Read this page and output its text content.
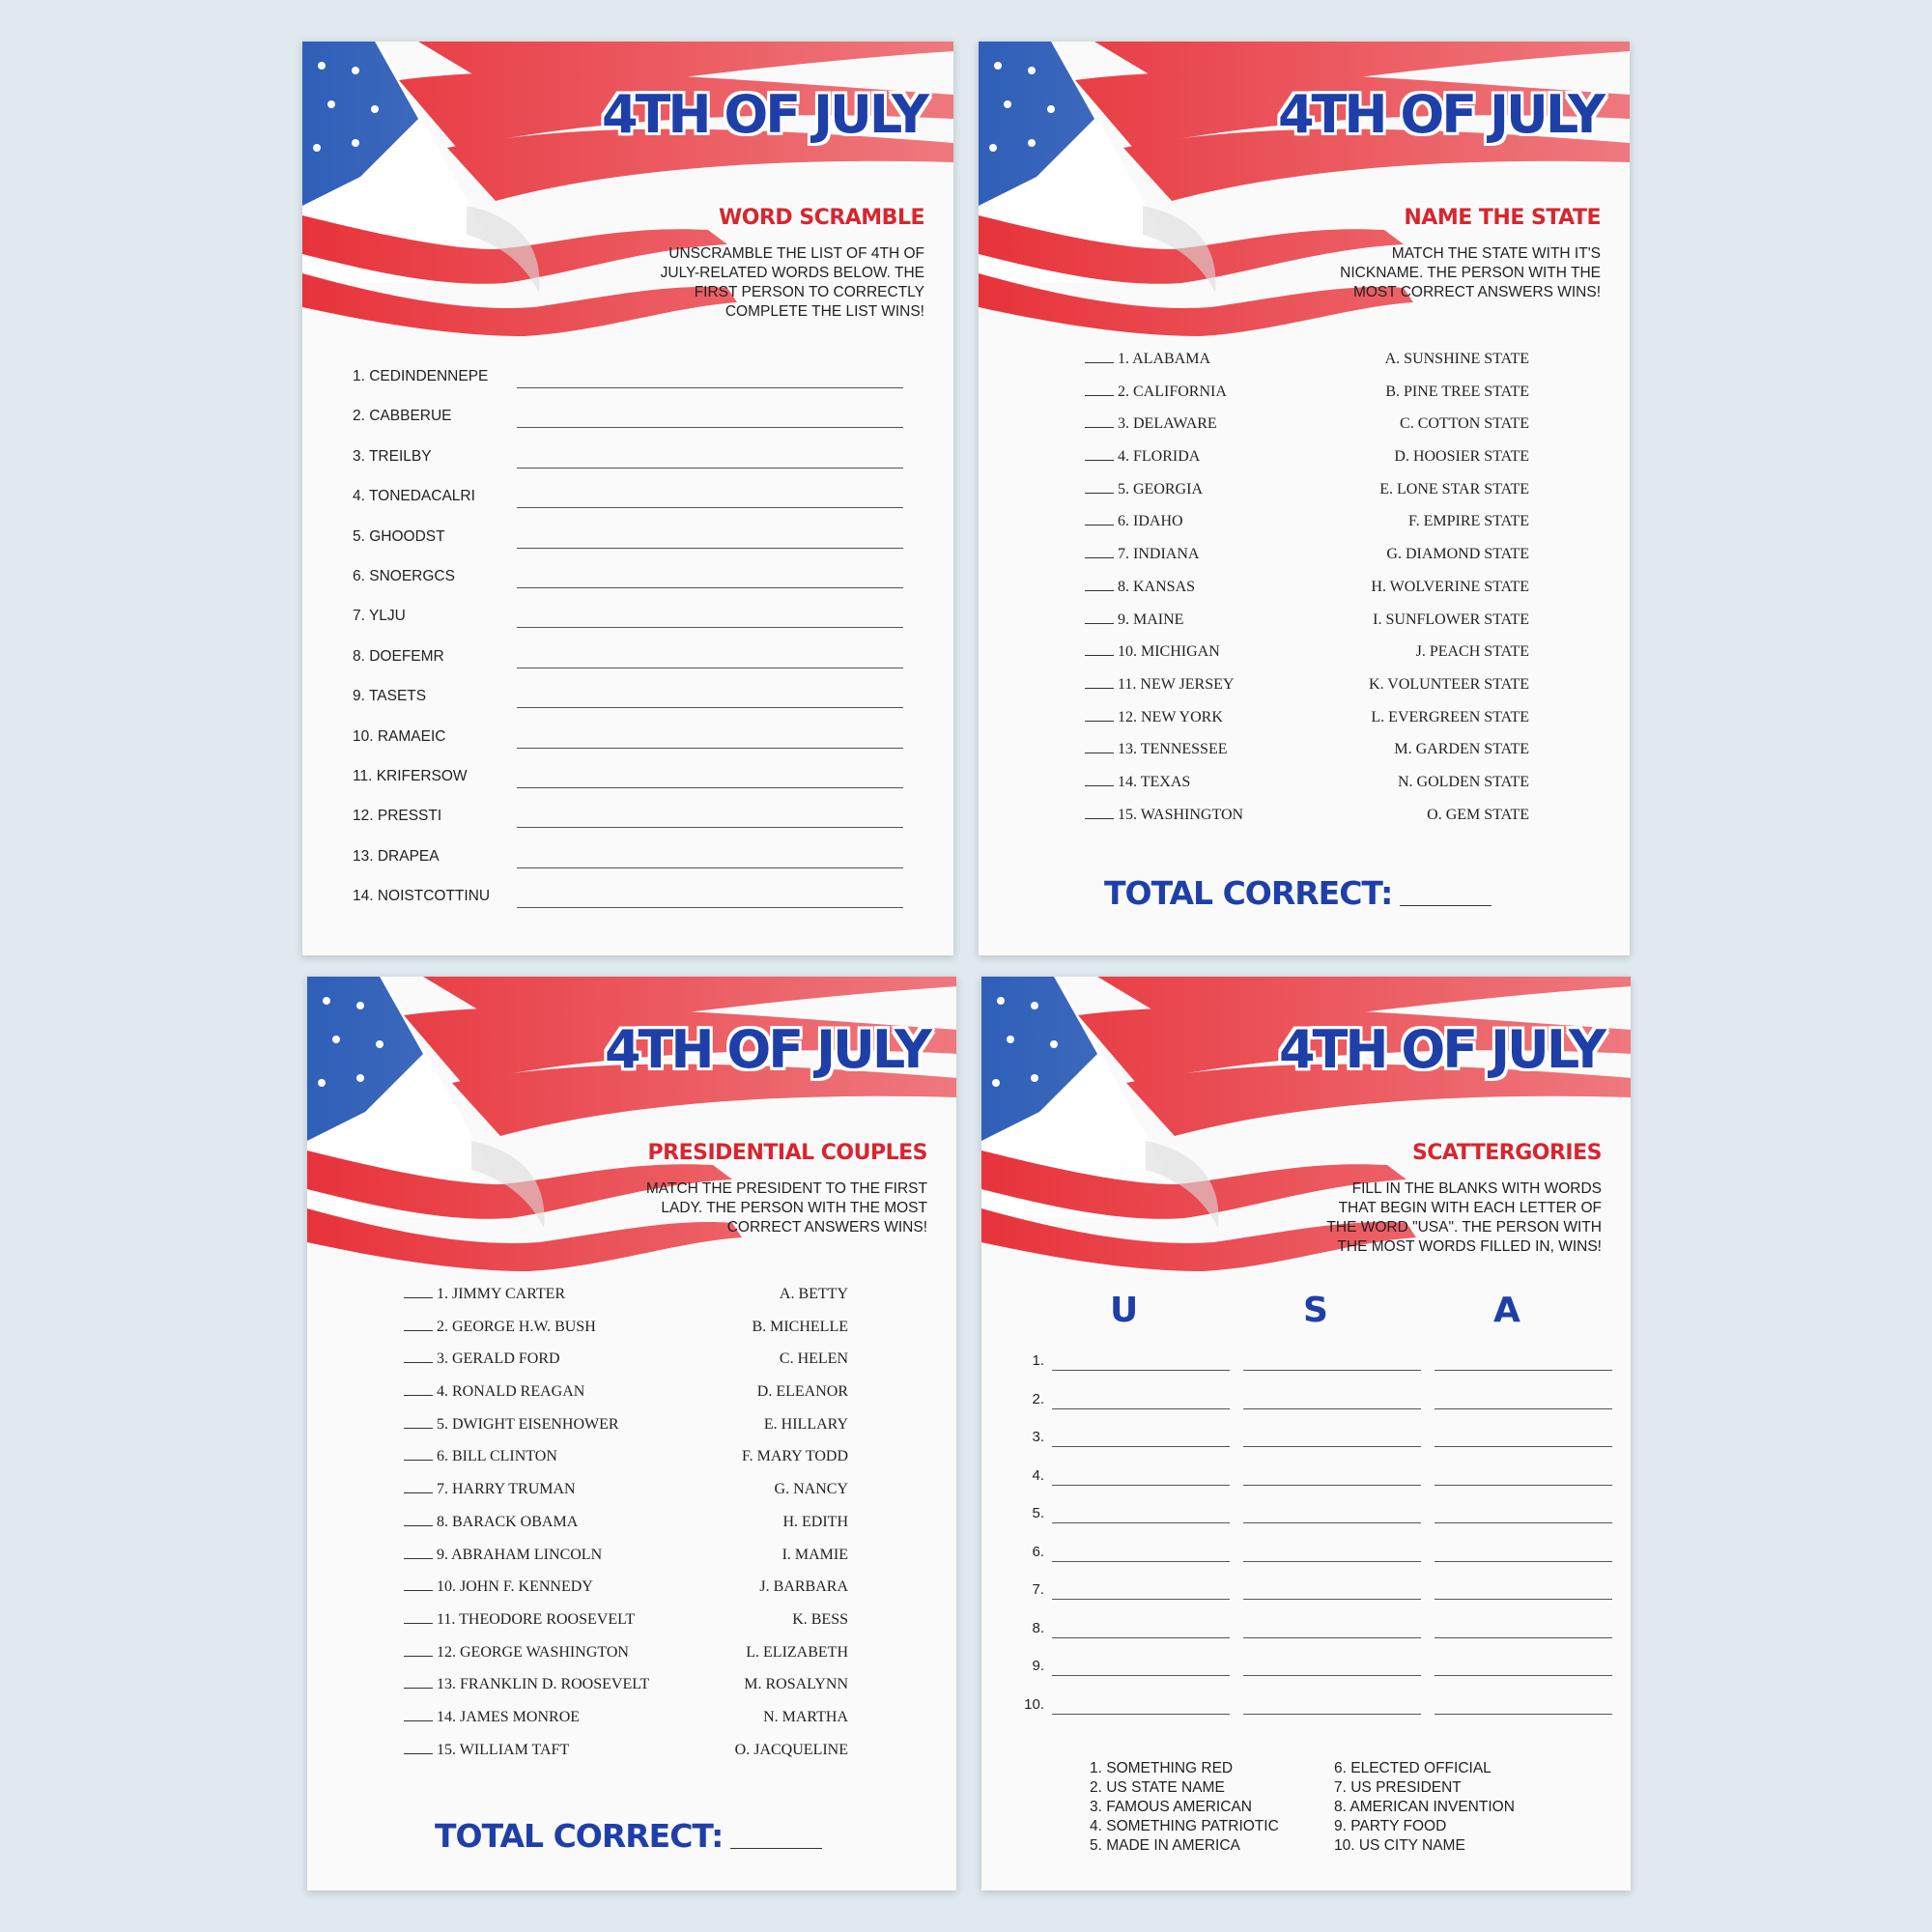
4TH OF JULY
WORD SCRAMBLE
UNSCRAMBLE THE LIST OF 4TH OF JULY-RELATED WORDS BELOW. THE FIRST PERSON TO CORRECTLY COMPLETE THE LIST WINS!
1. CEDINDENNEPE
2. CABBERUE
3. TREILBY
4. TONEDACALRI
5. GHOODST
6. SNOERGCS
7. YLJU
8. DOEFEMR
9. TASETS
10. RAMAEIC
11. KRIFERSOW
12. PRESSTI
13. DRAPEA
14. NOISTCOTTINU
4TH OF JULY
NAME THE STATE
MATCH THE STATE WITH IT'S NICKNAME. THE PERSON WITH THE MOST CORRECT ANSWERS WINS!
1. ALABAMA	A. SUNSHINE STATE
2. CALIFORNIA	B. PINE TREE STATE
3. DELAWARE	C. COTTON STATE
4. FLORIDA	D. HOOSIER STATE
5. GEORGIA	E. LONE STAR STATE
6. IDAHO	F. EMPIRE STATE
7. INDIANA	G. DIAMOND STATE
8. KANSAS	H. WOLVERINE STATE
9. MAINE	I. SUNFLOWER STATE
10. MICHIGAN	J. PEACH STATE
11. NEW JERSEY	K. VOLUNTEER STATE
12. NEW YORK	L. EVERGREEN STATE
13. TENNESSEE	M. GARDEN STATE
14. TEXAS	N. GOLDEN STATE
15. WASHINGTON	O. GEM STATE
TOTAL CORRECT:
4TH OF JULY
PRESIDENTIAL COUPLES
MATCH THE PRESIDENT TO THE FIRST LADY. THE PERSON WITH THE MOST CORRECT ANSWERS WINS!
1. JIMMY CARTER	A. BETTY
2. GEORGE H.W. BUSH	B. MICHELLE
3. GERALD FORD	C. HELEN
4. RONALD REAGAN	D. ELEANOR
5. DWIGHT EISENHOWER	E. HILLARY
6. BILL CLINTON	F. MARY TODD
7. HARRY TRUMAN	G. NANCY
8. BARACK OBAMA	H. EDITH
9. ABRAHAM LINCOLN	I. MAMIE
10. JOHN F. KENNEDY	J. BARBARA
11. THEODORE ROOSEVELT	K. BESS
12. GEORGE WASHINGTON	L. ELIZABETH
13. FRANKLIN D. ROOSEVELT	M. ROSALYNN
14. JAMES MONROE	N. MARTHA
15. WILLIAM TAFT	O. JACQUELINE
TOTAL CORRECT:
4TH OF JULY
SCATTERGORIES
FILL IN THE BLANKS WITH WORDS THAT BEGIN WITH EACH LETTER OF THE WORD "USA". THE PERSON WITH THE MOST WORDS FILLED IN, WINS!
U	S	A
1.
2.
3.
4.
5.
6.
7.
8.
9.
10.
1. SOMETHING RED
2. US STATE NAME
3. FAMOUS AMERICAN
4. SOMETHING PATRIOTIC
5. MADE IN AMERICA
6. ELECTED OFFICIAL
7. US PRESIDENT
8. AMERICAN INVENTION
9. PARTY FOOD
10. US CITY NAME
